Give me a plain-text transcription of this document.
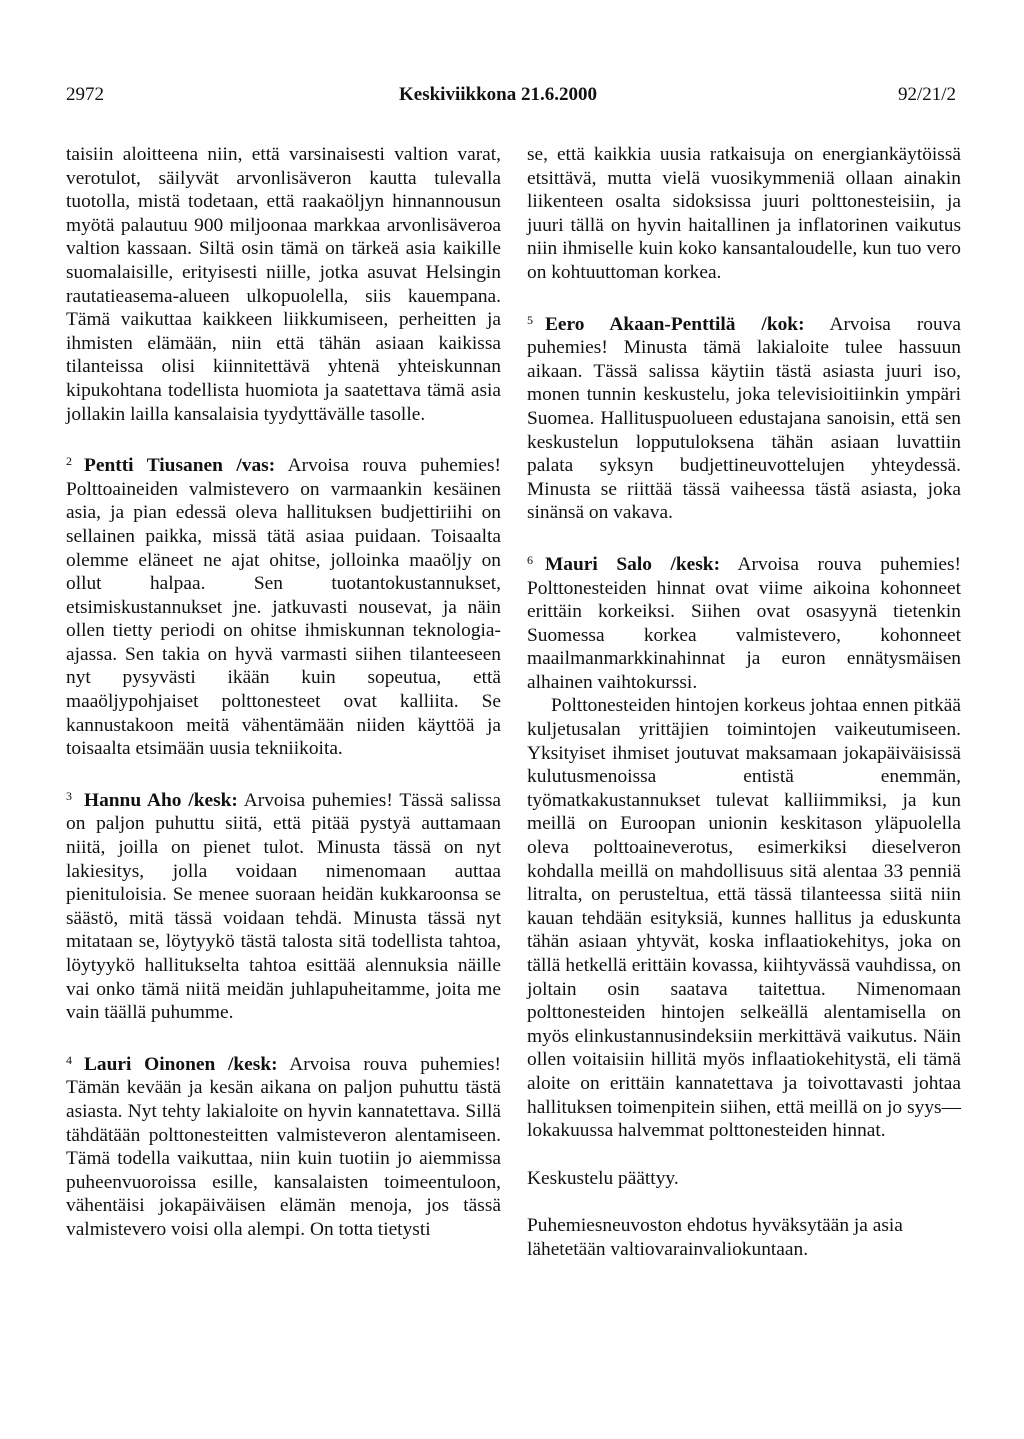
2972	Keskiviikkona 21.6.2000	92/21/2

taisiin aloitteena niin, että varsinaisesti valtion varat, verotulot, säilyvät arvonlisäveron kautta tulevalla tuotolla, mistä todetaan, että raakaöljyn hinnannousun myötä palautuu 900 miljoonaa markkaa arvonlisäveroa valtion kassaan. Siltä osin tämä on tärkeä asia kaikille suomalaisille, erityisesti niille, jotka asuvat Helsingin rautatieasema-alueen ulkopuolella, siis kauempana. Tämä vaikuttaa kaikkeen liikkumiseen, perheitten ja ihmisten elämään, niin että tähän asiaan kaikissa tilanteissa olisi kiinnitettävä yhtenä yhteiskunnan kipukohtana todellista huomiota ja saatettava tämä asia jollakin lailla kansalaisia tyydyttävälle tasolle.

$^2$ Pentti Tiusanen /vas: Arvoisa rouva puhemies! Polttoaineiden valmistevero on varmaankin kesäinen asia, ja pian edessä oleva hallituksen budjettiriihi on sellainen paikka, missä tätä asiaa puidaan. Toisaalta olemme eläneet ne ajat ohitse, jolloinka maaöljy on ollut halpaa. Sen tuotantokustannukset, etsimiskustannukset jne. jatkuvasti nousevat, ja näin ollen tietty periodi on ohitse ihmiskunnan teknologia-ajassa. Sen takia on hyvä varmasti siihen tilanteeseen nyt pysyvästi ikään kuin sopeutua, että maaöljypohjaiset polttonesteet ovat kalliita. Se kannustakoon meitä vähentämään niiden käyttöä ja toisaalta etsimään uusia tekniikoita.

$^3$ Hannu Aho /kesk: Arvoisa puhemies! Tässä salissa on paljon puhuttu siitä, että pitää pystyä auttamaan niitä, joilla on pienet tulot. Minusta tässä on nyt lakiesitys, jolla voidaan nimenomaan auttaa pienituloisia. Se menee suoraan heidän kukkaroonsa se säästö, mitä tässä voidaan tehdä. Minusta tässä nyt mitataan se, löytyykö tästä talosta sitä todellista tahtoa, löytyykö hallitukselta tahtoa esittää alennuksia näille vai onko tämä niitä meidän juhlapuheitamme, joita me vain täällä puhumme.

$^4$ Lauri Oinonen /kesk: Arvoisa rouva puhemies! Tämän kevään ja kesän aikana on paljon puhuttu tästä asiasta. Nyt tehty lakialoite on hyvin kannatettava. Sillä tähdätään polttonesteitten valmisteveron alentamiseen. Tämä todella vaikuttaa, niin kuin tuotiin jo aiemmissa puheenvuoroissa esille, kansalaisten toimeentuloon, vähentäisi jokapäiväisen elämän menoja, jos tässä valmistevero voisi olla alempi. On totta tietysti

se, että kaikkia uusia ratkaisuja on energiankäytöissä etsittävä, mutta vielä vuosikymmeniä ollaan ainakin liikenteen osalta sidoksissa juuri polttonesteisiin, ja juuri tällä on hyvin haitallinen ja inflatorinen vaikutus niin ihmiselle kuin koko kansantaloudelle, kun tuo vero on kohtuuttoman korkea.

$^5$ Eero Akaan-Penttilä /kok: Arvoisa rouva puhemies! Minusta tämä lakialoite tulee hassuun aikaan. Tässä salissa käytiin tästä asiasta juuri iso, monen tunnin keskustelu, joka televisioitiinkin ympäri Suomea. Hallituspuolueen edustajana sanoisin, että sen keskustelun lopputuloksena tähän asiaan luvattiin palata syksyn budjettineuvottelujen yhteydessä. Minusta se riittää tässä vaiheessa tästä asiasta, joka sinänsä on vakava.

$^6$ Mauri Salo /kesk: Arvoisa rouva puhemies! Polttonesteiden hinnat ovat viime aikoina kohonneet erittäin korkeiksi. Siihen ovat osasyynä tietenkin Suomessa korkea valmistevero, kohonneet maailmanmarkkinahinnat ja euron ennätysmäisen alhainen vaihtokurssi.

Polttonesteiden hintojen korkeus johtaa ennen pitkää kuljetusalan yrittäjien toimintojen vaikeutumiseen. Yksityiset ihmiset joutuvat maksamaan jokapäiväisissä kulutusmenoissa entistä enemmän, työmatkakustannukset tulevat kalliimmiksi, ja kun meillä on Euroopan unionin keskitason yläpuolella oleva polttoaineverotus, esimerkiksi dieselveron kohdalla meillä on mahdollisuus sitä alentaa 33 penniä litralta, on perusteltua, että tässä tilanteessa siitä niin kauan tehdään esityksiä, kunnes hallitus ja eduskunta tähän asiaan yhtyvät, koska inflaatiokehitys, joka on tällä hetkellä erittäin kovassa, kiihtyvässä vauhdissa, on joltain osin saatava taitettua. Nimenomaan polttonesteiden hintojen selkeällä alentamisella on myös elinkustannusindeksiin merkittävä vaikutus. Näin ollen voitaisiin hillitä myös inflaatiokehitystä, eli tämä aloite on erittäin kannatettava ja toivottavasti johtaa hallituksen toimenpitein siihen, että meillä on jo syys—lokakuussa halvemmat polttonesteiden hinnat.

Keskustelu päättyy.

Puhemiesneuvoston ehdotus hyväksytään ja asia lähetetään valtiovarainvaliokuntaan.
